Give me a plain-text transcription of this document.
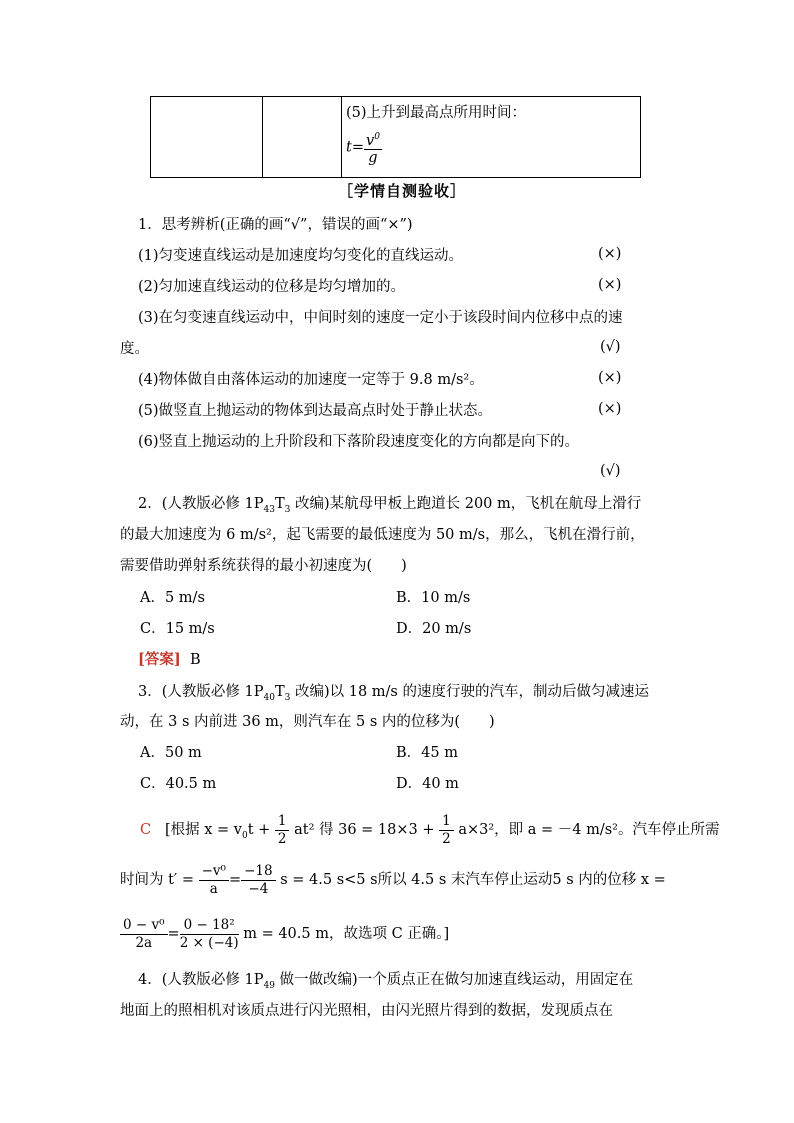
(5)上升到最高点所用时间：
$t= \frac{v^0}{g}$
［学情自测验收］
1．思考辨析(正确的画“√”，错误的画“×”)
(1)匀变速直线运动是加速度均匀变化的直线运动。	(×)
(2)匀加速直线运动的位移是均匀增加的。	(×)
(3)在匀变速直线运动中，中间时刻的速度一定小于该段时间内位移中点的速
度。	(√)
(4)物体做自由落体运动的加速度一定等于 9.8 m/s²。	(×)
(5)做竖直上抛运动的物体到达最高点时处于静止状态。	(×)
(6)竖直上抛运动的上升阶段和下落阶段速度变化的方向都是向下的。
(√)
2．(人教版必修 $1P_{43}T_3$ 改编)某航母甲板上跑道长 200 m，飞机在航母上滑行
的最大加速度为 6 m/s²，起飞需要的最低速度为 50 m/s，那么，飞机在滑行前，
需要借助弹射系统获得的最小初速度为(　　)
A．5 m/s	B．10 m/s
C．15 m/s	D．20 m/s
[答案] B
3．(人教版必修 $1P_{40}T_3$ 改编)以 18 m/s 的速度行驶的汽车，制动后做匀减速运
动，在 3 s 内前进 36 m，则汽车在 5 s 内的位移为(　　)
A．50 m	B．45 m
C．40.5 m	D．40 m
C [根据 $x = v_0t + \frac{1}{2} at^2$ 得 $36 = 18\times 3 + \frac{1}{2} a\times 3^2$，即 a = －4 m/s²。汽车停止所需
时间为 $t' = \frac{\text{−v⁰}}{a} = \frac{-18}{-4}$ s = 4.5 s<5 s所以 4.5 s 末汽车停止运动5 s 内的位移 x =
$\frac{\text{0 − v⁰}}{2a} = \frac{\text{0 − 18²}}{2 \times (-4)}$ m = 40.5 m，故选项 C 正确。]
4．(人教版必修 $1P_{49}$ 做一做改编)一个质点正在做匀加速直线运动，用固定在
地面上的照相机对该质点进行闪光照相，由闪光照片得到的数据，发现质点在
